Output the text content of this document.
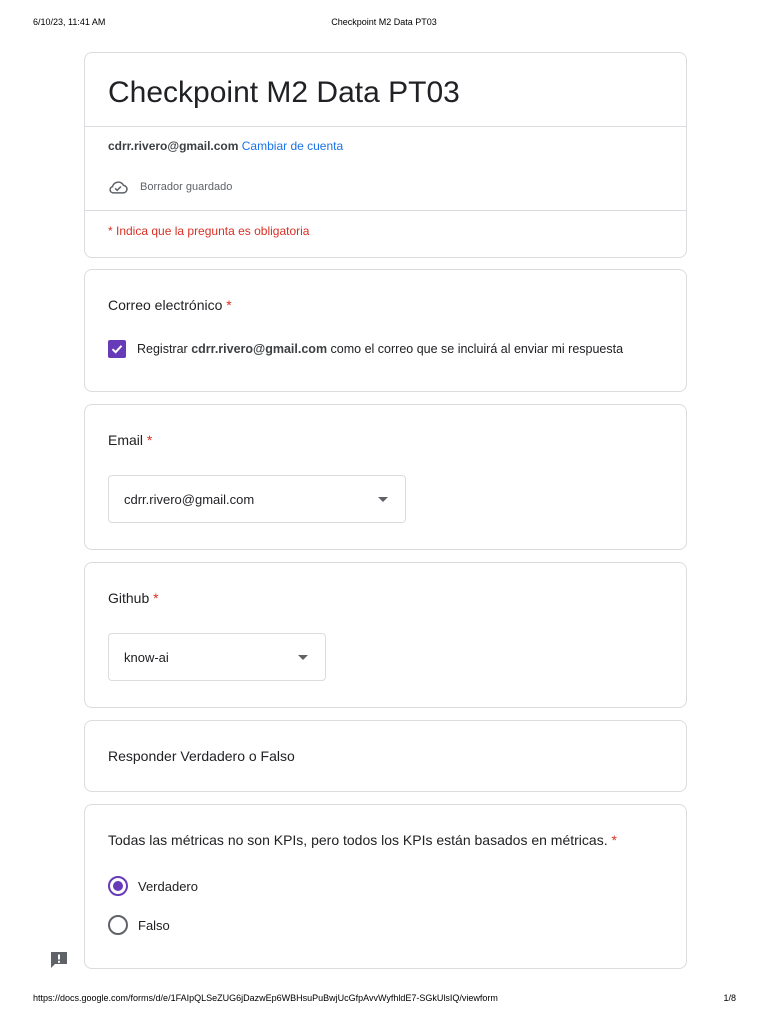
6/10/23, 11:41 AM	Checkpoint M2 Data PT03
Checkpoint M2 Data PT03
cdrr.rivero@gmail.com Cambiar de cuenta
Borrador guardado
* Indica que la pregunta es obligatoria
Correo electrónico *
Registrar cdrr.rivero@gmail.com como el correo que se incluirá al enviar mi respuesta
Email *
cdrr.rivero@gmail.com
Github *
know-ai
Responder Verdadero o Falso
Todas las métricas no son KPIs, pero todos los KPIs están basados en métricas. *
Verdadero
Falso
https://docs.google.com/forms/d/e/1FAIpQLSeZUG6jDazwEp6WBHsuPuBwjUcGfpAvvWyfhldE7-SGkUlsIQ/viewform	1/8
